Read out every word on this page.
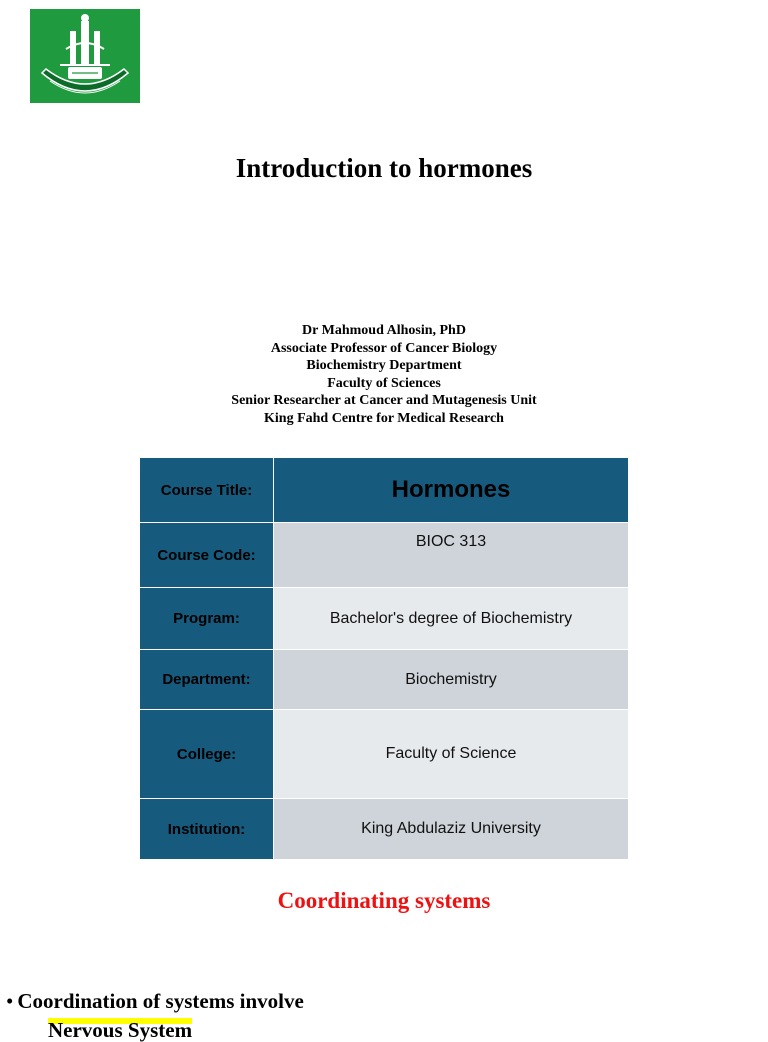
Introduction to hormones
Dr Mahmoud Alhosin, PhD
Associate Professor of Cancer Biology
Biochemistry Department
Faculty of Sciences
Senior Researcher at Cancer and Mutagenesis Unit
King Fahd Centre for Medical Research
Course Title:	Hormones
Course Code:	BIOC 313
Program:	Bachelor's degree of Biochemistry
Department:	Biochemistry
College:	Faculty of Science
Institution:	King Abdulaziz University
Coordinating systems
• Coordination of systems involve
Nervous System
